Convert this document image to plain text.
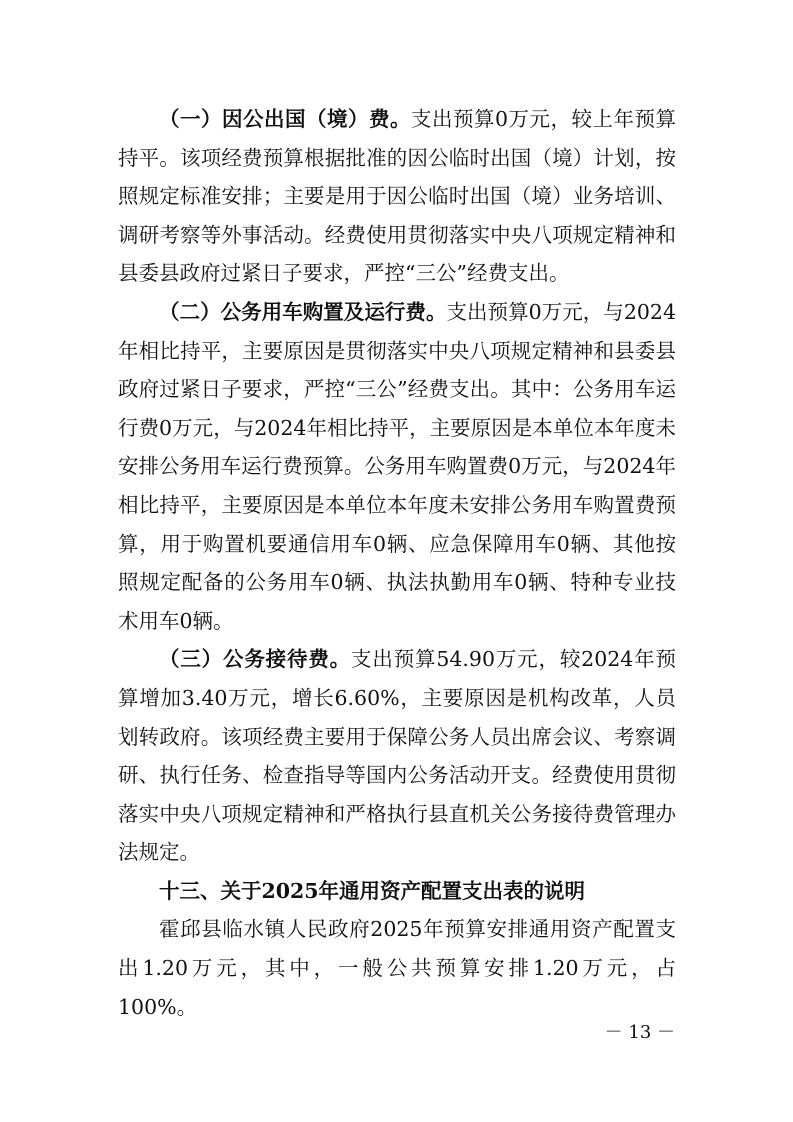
（一）因公出国（境）费。支出预算0万元，较上年预算持平。该项经费预算根据批准的因公临时出国（境）计划，按照规定标准安排；主要是用于因公临时出国（境）业务培训、调研考察等外事活动。经费使用贯彻落实中央八项规定精神和县委县政府过紧日子要求，严控“三公”经费支出。

（二）公务用车购置及运行费。支出预算0万元，与2024年相比持平，主要原因是贯彻落实中央八项规定精神和县委县政府过紧日子要求，严控“三公”经费支出。其中：公务用车运行费0万元，与2024年相比持平，主要原因是本单位本年度未安排公务用车运行费预算。公务用车购置费0万元，与2024年相比持平，主要原因是本单位本年度未安排公务用车购置费预算，用于购置机要通信用车0辆、应急保障用车0辆、其他按照规定配备的公务用车0辆、执法执勤用车0辆、特种专业技术用车0辆。

（三）公务接待费。支出预算54.90万元，较2024年预算增加3.40万元，增长6.60%，主要原因是机构改革，人员划转政府。该项经费主要用于保障公务人员出席会议、考察调研、执行任务、检查指导等国内公务活动开支。经费使用贯彻落实中央八项规定精神和严格执行县直机关公务接待费管理办法规定。

十三、关于2025年通用资产配置支出表的说明

霍邱县临水镇人民政府2025年预算安排通用资产配置支出1.20万元，其中，一般公共预算安排1.20万元，占100%。

－ 13 －
